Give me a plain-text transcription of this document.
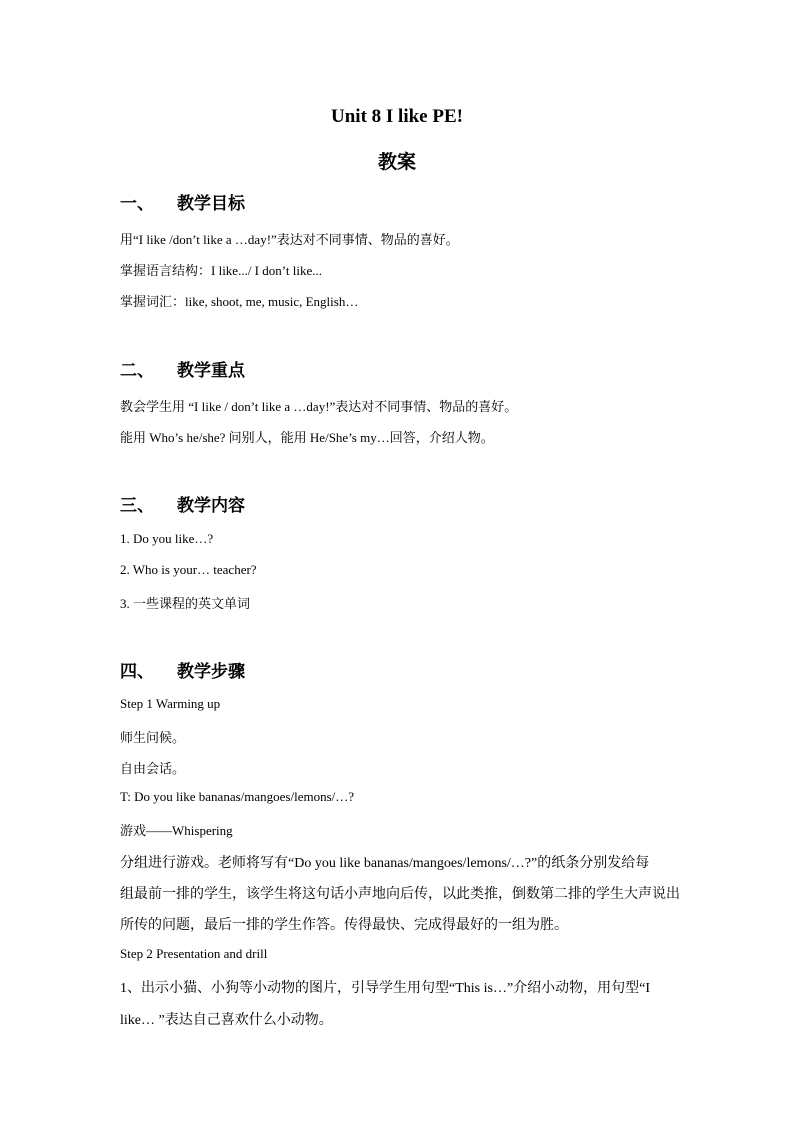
Unit 8 I like PE!
教案
一、	教学目标
用“I like /don’t like a …day!”表达对不同事情、物品的喜好。
掌握语言结构：I like.../ I don’t like...
掌握词汇：like, shoot, me, music, English…
二、	教学重点
教会学生用 “I like / don’t like a …day!”表达对不同事情、物品的喜好。
能用 Who’s he/she? 问别人，能用 He/She’s my…回答，介绍人物。
三、	教学内容
1. Do you like…?
2. Who is your… teacher?
3. 一些课程的英文单词
四、	教学步骤
Step 1 Warming up
师生问候。
自由会话。
T: Do you like bananas/mangoes/lemons/…?
游戏——Whispering
分组进行游戏。老师将写有“Do you like bananas/mangoes/lemons/…?”的纸条分别发给每
组最前一排的学生，该学生将这句话小声地向后传，以此类推，倒数第二排的学生大声说出
所传的问题，最后一排的学生作答。传得最快、完成得最好的一组为胜。
Step 2 Presentation and drill
1、出示小猫、小狗等小动物的图片，引导学生用句型“This is…”介绍小动物，用句型“I
like… ”表达自己喜欢什么小动物。
